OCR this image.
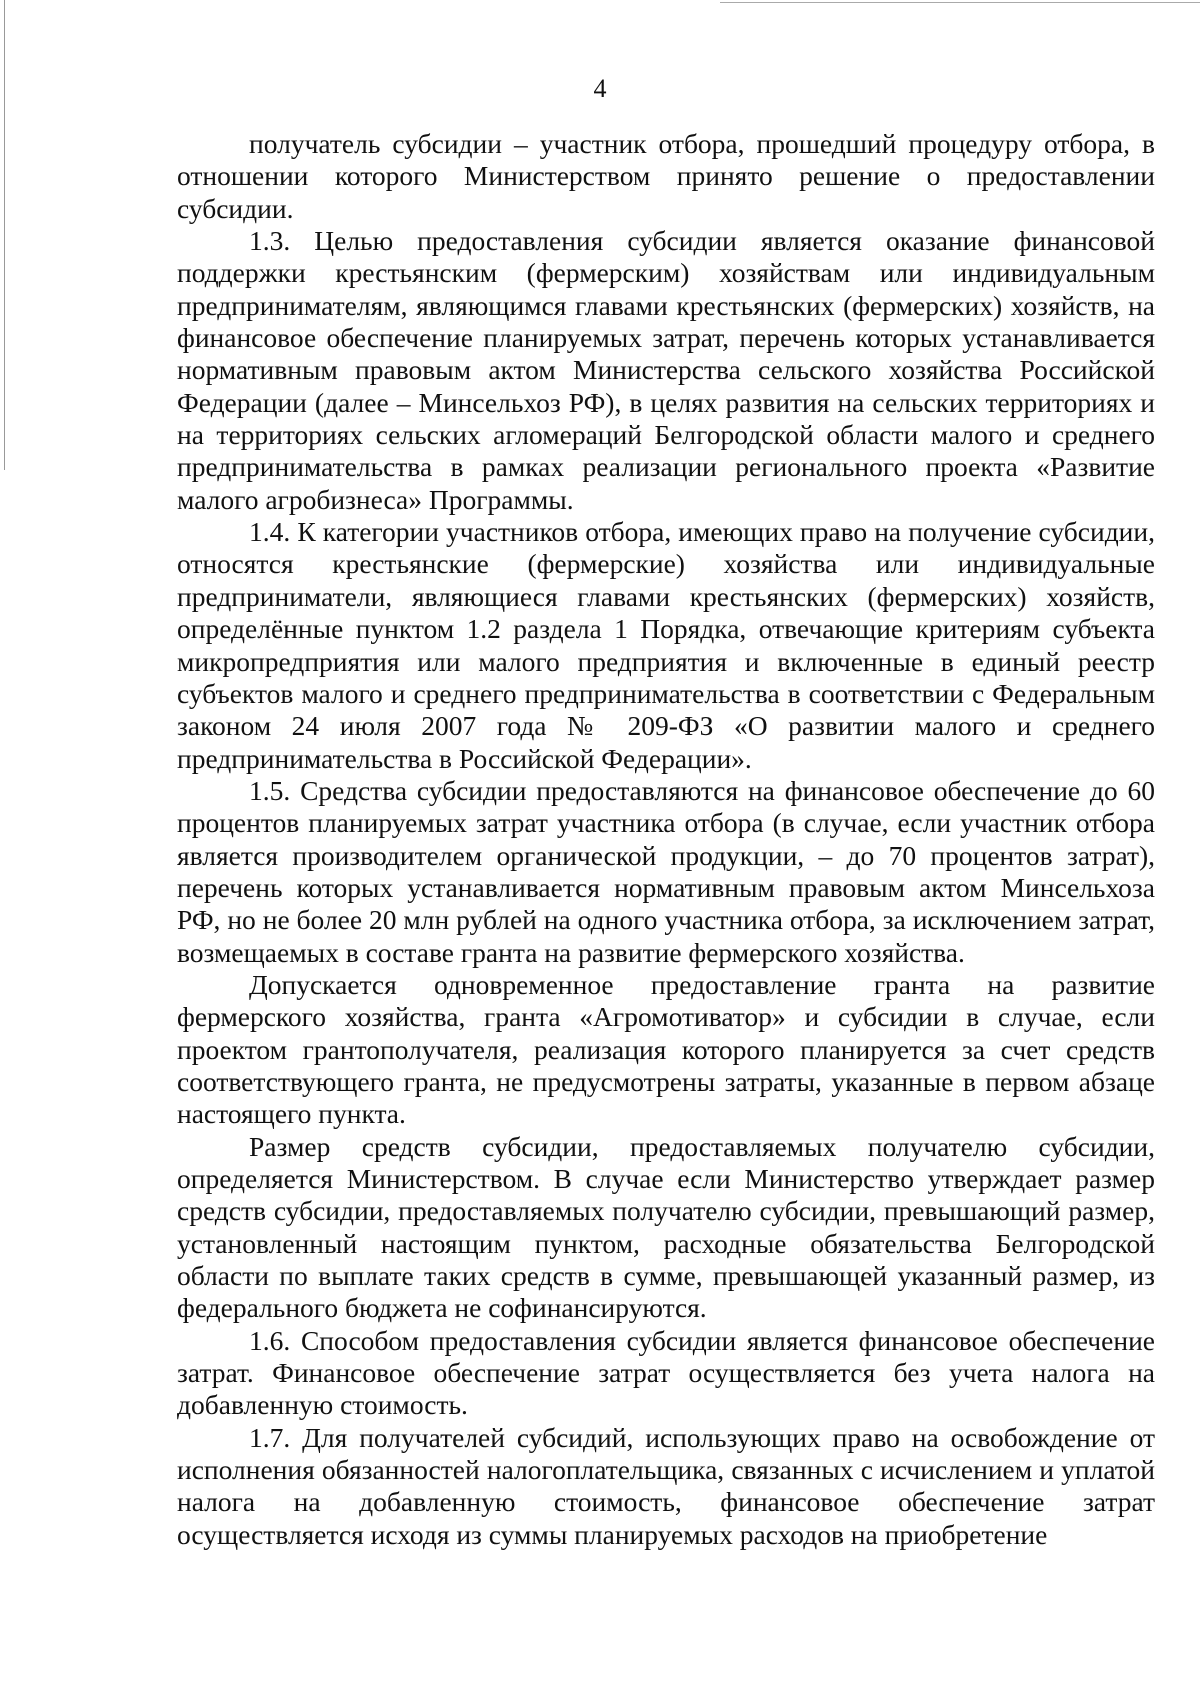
4

получатель субсидии – участник отбора, прошедший процедуру отбора, в отношении которого Министерством принято решение о предоставлении субсидии.

1.3. Целью предоставления субсидии является оказание финансовой поддержки крестьянским (фермерским) хозяйствам или индивидуальным предпринимателям, являющимся главами крестьянских (фермерских) хозяйств, на финансовое обеспечение планируемых затрат, перечень которых устанавливается нормативным правовым актом Министерства сельского хозяйства Российской Федерации (далее – Минсельхоз РФ), в целях развития на сельских территориях и на территориях сельских агломераций Белгородской области малого и среднего предпринимательства в рамках реализации регионального проекта «Развитие малого агробизнеса» Программы.

1.4. К категории участников отбора, имеющих право на получение субсидии, относятся крестьянские (фермерские) хозяйства или индивидуальные предприниматели, являющиеся главами крестьянских (фермерских) хозяйств, определённые пунктом 1.2 раздела 1 Порядка, отвечающие критериям субъекта микропредприятия или малого предприятия и включенные в единый реестр субъектов малого и среднего предпринимательства в соответствии с Федеральным законом 24 июля 2007 года № 209-ФЗ «О развитии малого и среднего предпринимательства в Российской Федерации».

1.5. Средства субсидии предоставляются на финансовое обеспечение до 60 процентов планируемых затрат участника отбора (в случае, если участник отбора является производителем органической продукции, – до 70 процентов затрат), перечень которых устанавливается нормативным правовым актом Минсельхоза РФ, но не более 20 млн рублей на одного участника отбора, за исключением затрат, возмещаемых в составе гранта на развитие фермерского хозяйства.

Допускается одновременное предоставление гранта на развитие фермерского хозяйства, гранта «Агромотиватор» и субсидии в случае, если проектом грантополучателя, реализация которого планируется за счет средств соответствующего гранта, не предусмотрены затраты, указанные в первом абзаце настоящего пункта.

Размер средств субсидии, предоставляемых получателю субсидии, определяется Министерством. В случае если Министерство утверждает размер средств субсидии, предоставляемых получателю субсидии, превышающий размер, установленный настоящим пунктом, расходные обязательства Белгородской области по выплате таких средств в сумме, превышающей указанный размер, из федерального бюджета не софинансируются.

1.6. Способом предоставления субсидии является финансовое обеспечение затрат. Финансовое обеспечение затрат осуществляется без учета налога на добавленную стоимость.

1.7. Для получателей субсидий, использующих право на освобождение от исполнения обязанностей налогоплательщика, связанных с исчислением и уплатой налога на добавленную стоимость, финансовое обеспечение затрат осуществляется исходя из суммы планируемых расходов на приобретение
